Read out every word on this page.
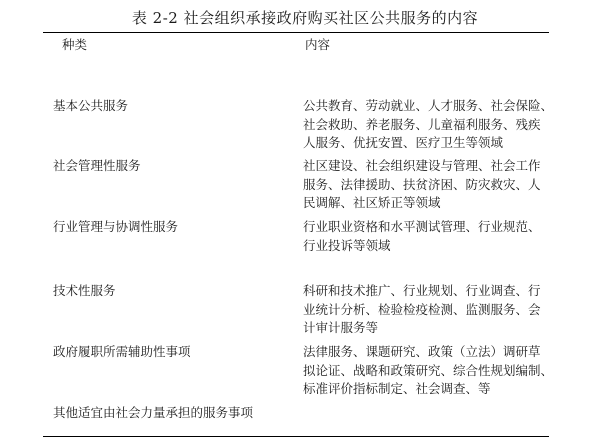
表 2-2 社会组织承接政府购买社区公共服务的内容
种类	内容
基本公共服务	公共教育、劳动就业、人才服务、社会保险、
社会救助、养老服务、儿童福利服务、残疾
人服务、优抚安置、医疗卫生等领域
社会管理性服务	社区建设、社会组织建设与管理、社会工作
服务、法律援助、扶贫济困、防灾救灾、人
民调解、社区矫正等领域
行业管理与协调性服务	行业职业资格和水平测试管理、行业规范、
行业投诉等领域
技术性服务	科研和技术推广、行业规划、行业调查、行
业统计分析、检验检疫检测、监测服务、会
计审计服务等
政府履职所需辅助性事项	法律服务、课题研究、政策（立法）调研草
拟论证、战略和政策研究、综合性规划编制、
标准评价指标制定、社会调查、等
其他适宜由社会力量承担的服务事项
